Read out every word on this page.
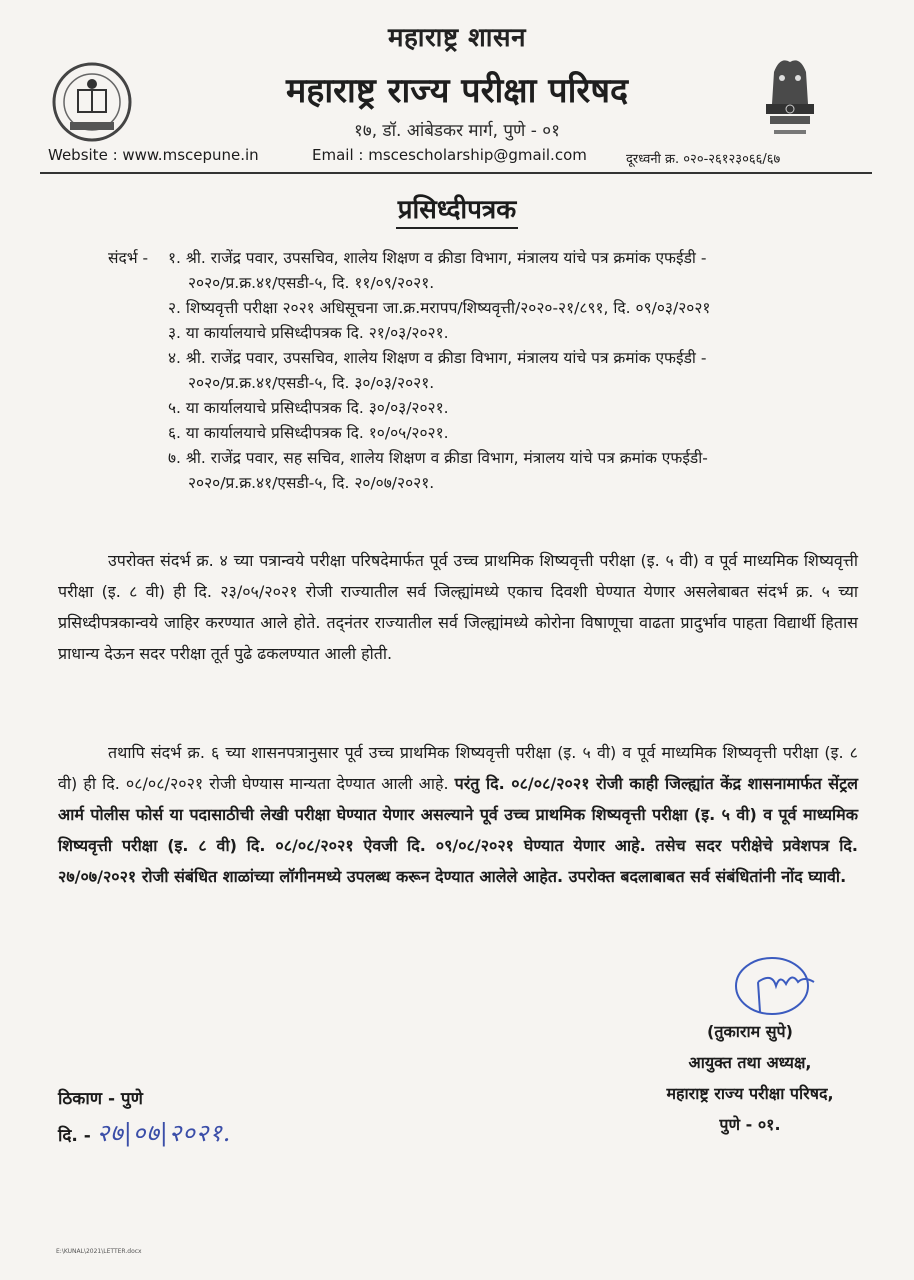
महाराष्ट्र शासन
महाराष्ट्र राज्य परीक्षा परिषद
१७, डॉ. आंबेडकर मार्ग, पुणे - ०१
Website : www.mscepune.in	Email : mscescholarship@gmail.com	दूरध्वनी क्र. ०२०-२६१२३०६६/६७
प्रसिध्दीपत्रक
संदर्भ - १. श्री. राजेंद्र पवार, उपसचिव, शालेय शिक्षण व क्रीडा विभाग, मंत्रालय यांचे पत्र क्रमांक एफईडी -
२०२०/प्र.क्र.४१/एसडी-५, दि. ११/०९/२०२१.
२. शिष्यवृत्ती परीक्षा २०२१ अधिसूचना जा.क्र.मरापप/शिष्यवृत्ती/२०२०-२१/८९१, दि. ०९/०३/२०२१
३. या कार्यालयाचे प्रसिध्दीपत्रक दि. २१/०३/२०२१.
४. श्री. राजेंद्र पवार, उपसचिव, शालेय शिक्षण व क्रीडा विभाग, मंत्रालय यांचे पत्र क्रमांक एफईडी -
२०२०/प्र.क्र.४१/एसडी-५, दि. ३०/०३/२०२१.
५. या कार्यालयाचे प्रसिध्दीपत्रक दि. ३०/०३/२०२१.
६. या कार्यालयाचे प्रसिध्दीपत्रक दि. १०/०५/२०२१.
७. श्री. राजेंद्र पवार, सह सचिव, शालेय शिक्षण व क्रीडा विभाग, मंत्रालय यांचे पत्र क्रमांक एफईडी-
२०२०/प्र.क्र.४१/एसडी-५, दि. २०/०७/२०२१.
उपरोक्त संदर्भ क्र. ४ च्या पत्रान्वये परीक्षा परिषदेमार्फत पूर्व उच्च प्राथमिक शिष्यवृत्ती परीक्षा (इ. ५ वी) व पूर्व माध्यमिक शिष्यवृत्ती परीक्षा (इ. ८ वी) ही दि. २३/०५/२०२१ रोजी राज्यातील सर्व जिल्ह्यांमध्ये एकाच दिवशी घेण्यात येणार असलेबाबत संदर्भ क्र. ५ च्या प्रसिध्दीपत्रकान्वये जाहिर करण्यात आले होते. तद्नंतर राज्यातील सर्व जिल्ह्यांमध्ये कोरोना विषाणूचा वाढता प्रादुर्भाव पाहता विद्यार्थी हितास प्राधान्य देऊन सदर परीक्षा तूर्त पुढे ढकलण्यात आली होती.
तथापि संदर्भ क्र. ६ च्या शासनपत्रानुसार पूर्व उच्च प्राथमिक शिष्यवृत्ती परीक्षा (इ. ५ वी) व पूर्व माध्यमिक शिष्यवृत्ती परीक्षा (इ. ८ वी) ही दि. ०८/०८/२०२१ रोजी घेण्यास मान्यता देण्यात आली आहे. परंतु दि. ०८/०८/२०२१ रोजी काही जिल्ह्यांत केंद्र शासनामार्फत सेंट्रल आर्म पोलीस फोर्स या पदासाठीची लेखी परीक्षा घेण्यात येणार असल्याने पूर्व उच्च प्राथमिक शिष्यवृत्ती परीक्षा (इ. ५ वी) व पूर्व माध्यमिक शिष्यवृत्ती परीक्षा (इ. ८ वी) दि. ०८/०८/२०२१ ऐवजी दि. ०९/०८/२०२१ घेण्यात येणार आहे. तसेच सदर परीक्षेचे प्रवेशपत्र दि. २७/०७/२०२१ रोजी संबंधित शाळांच्या लॉगीनमध्ये उपलब्ध करून देण्यात आलेले आहेत. उपरोक्त बदलाबाबत सर्व संबंधितांनी नोंद घ्यावी.
(तुकाराम सुपे)
आयुक्त तथा अध्यक्ष,
महाराष्ट्र राज्य परीक्षा परिषद,
पुणे - ०१.
ठिकाण - पुणे
दि. - २७|०७|२०२१.
E:\KUNAL\2021\LETTER.docx
